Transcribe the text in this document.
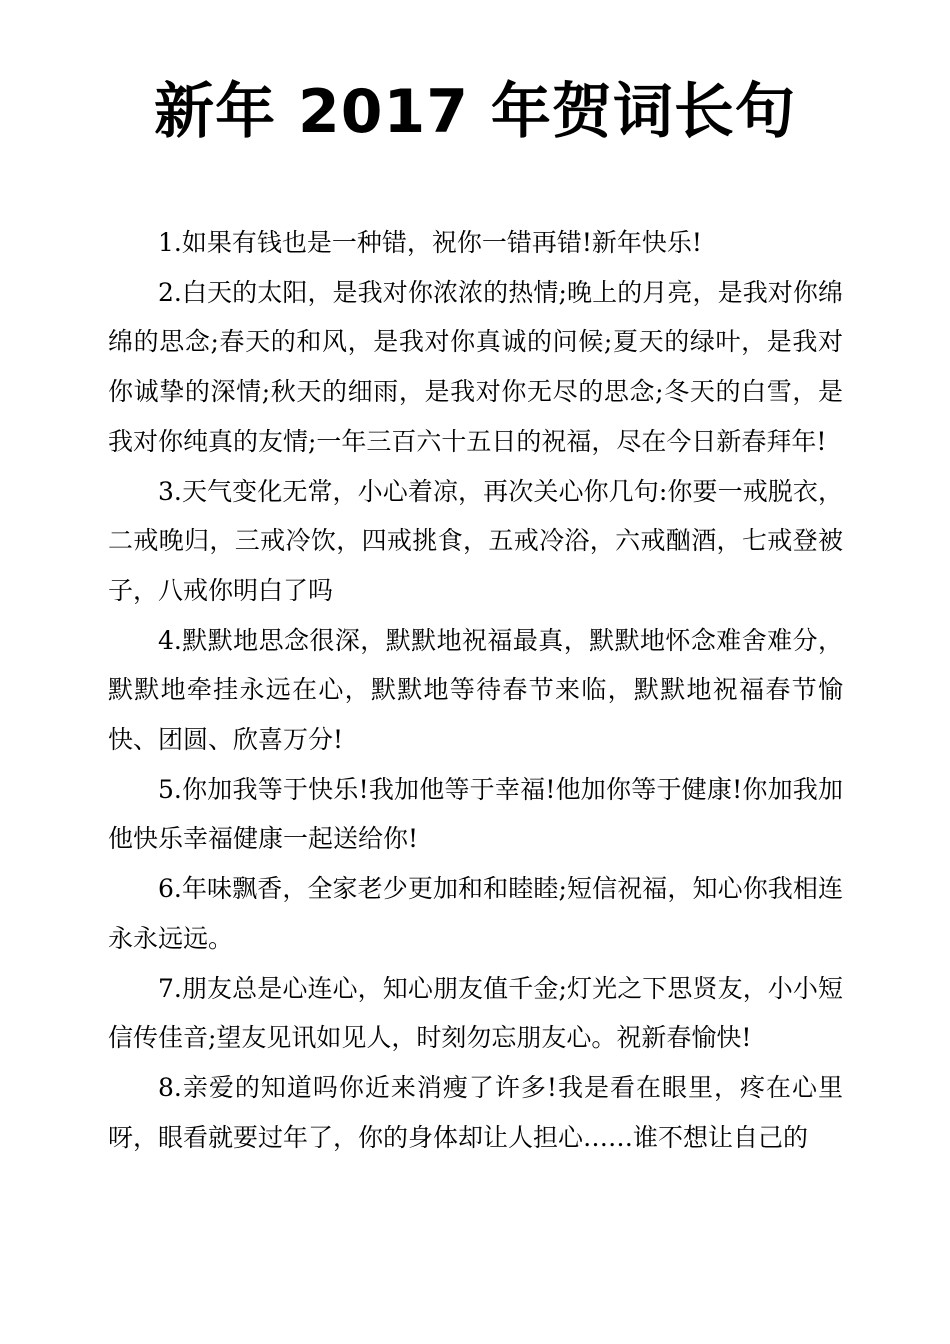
新年 2017 年贺词长句

1.如果有钱也是一种错，祝你一错再错!新年快乐!

2.白天的太阳，是我对你浓浓的热情;晚上的月亮，是我对你绵绵的思念;春天的和风，是我对你真诚的问候;夏天的绿叶，是我对你诚挚的深情;秋天的细雨，是我对你无尽的思念;冬天的白雪，是我对你纯真的友情;一年三百六十五日的祝福，尽在今日新春拜年!

3.天气变化无常，小心着凉，再次关心你几句:你要一戒脱衣，二戒晚归，三戒冷饮，四戒挑食，五戒冷浴，六戒酗酒，七戒登被子，八戒你明白了吗

4.默默地思念很深，默默地祝福最真，默默地怀念难舍难分，默默地牵挂永远在心，默默地等待春节来临，默默地祝福春节愉快、团圆、欣喜万分!

5.你加我等于快乐!我加他等于幸福!他加你等于健康!你加我加他快乐幸福健康一起送给你!

6.年味飘香，全家老少更加和和睦睦;短信祝福，知心你我相连永永远远。

7.朋友总是心连心，知心朋友值千金;灯光之下思贤友，小小短信传佳音;望友见讯如见人，时刻勿忘朋友心。祝新春愉快!

8.亲爱的知道吗你近来消瘦了许多!我是看在眼里，疼在心里呀，眼看就要过年了，你的身体却让人担心……谁不想让自己的
